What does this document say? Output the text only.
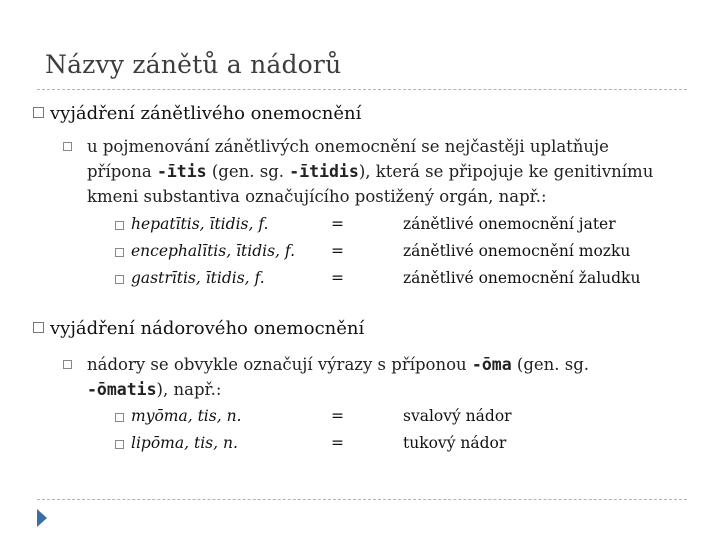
Názvy zánětů a nádorů
vyjádření zánětlivého onemocnění
u pojmenování zánětlivých onemocnění se nejčastěji uplatňuje
přípona -ītis (gen. sg. -ītidis), která se připojuje ke genitivnímu
kmeni substantiva označujícího postižený orgán, např.:
hepatītis, ītidis, f.	=	zánětlivé onemocnění jater
encephalītis, ītidis, f. =	zánětlivé onemocnění mozku
gastrītis, ītidis, f.	=	zánětlivé onemocnění žaludku
vyjádření nádorového onemocnění
nádory se obvykle označují výrazy s příponou -ōma (gen. sg.
-ōmatis), např.:
myōma, tis, n.	=	svalový nádor
lipōma, tis, n.	=	tukový nádor
